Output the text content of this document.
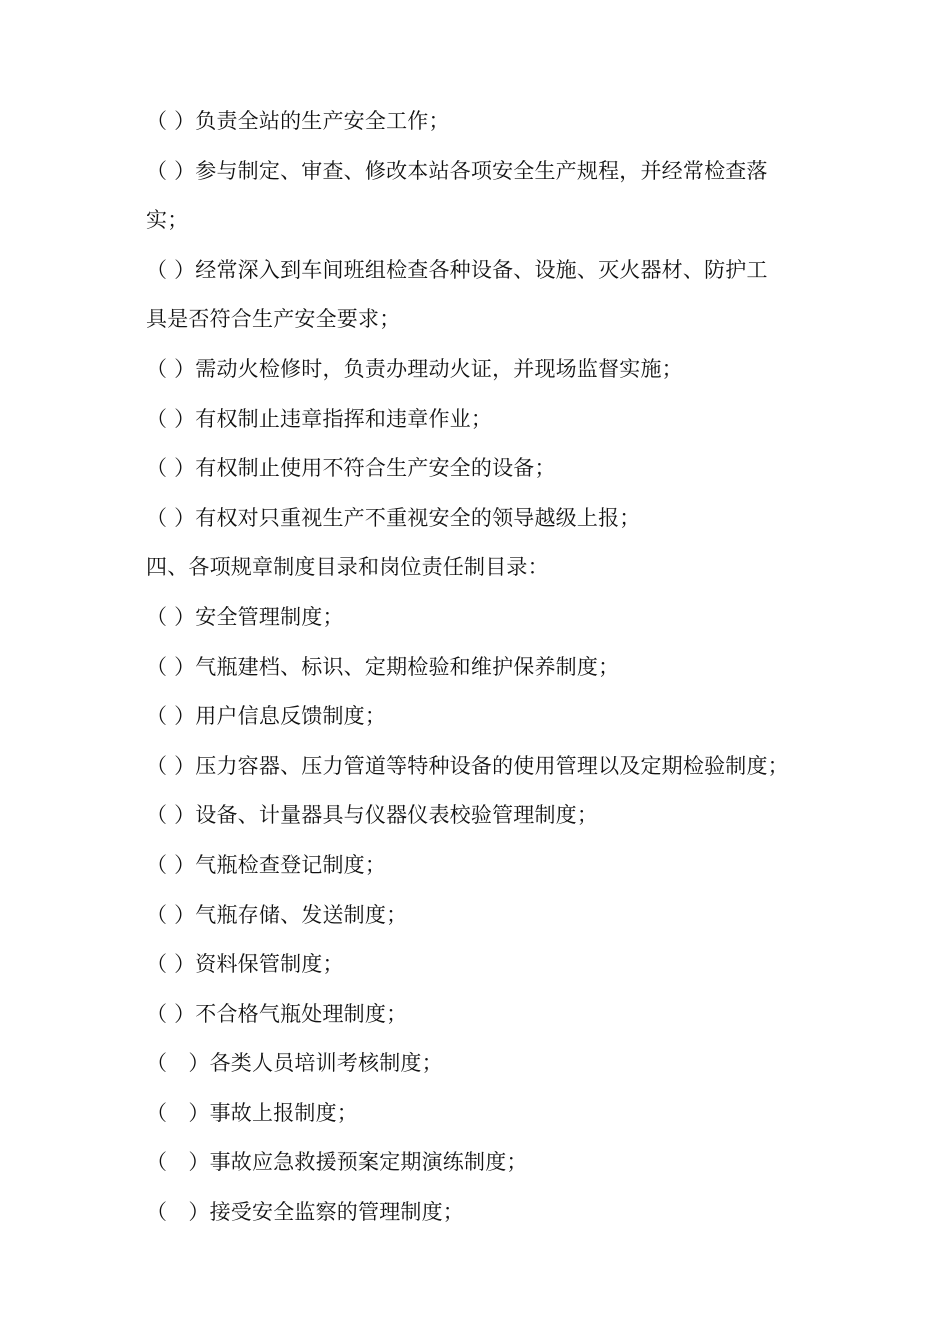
（ ）负责全站的生产安全工作；
（ ）参与制定、审查、修改本站各项安全生产规程，并经常检查落
实；
（ ）经常深入到车间班组检查各种设备、设施、灭火器材、防护工
具是否符合生产安全要求；
（ ）需动火检修时，负责办理动火证，并现场监督实施；
（ ）有权制止违章指挥和违章作业；
（ ）有权制止使用不符合生产安全的设备；
（ ）有权对只重视生产不重视安全的领导越级上报；
四、各项规章制度目录和岗位责任制目录：
（ ）安全管理制度；
（ ）气瓶建档、标识、定期检验和维护保养制度；
（ ）用户信息反馈制度；
（ ）压力容器、压力管道等特种设备的使用管理以及定期检验制度；
（ ）设备、计量器具与仪器仪表校验管理制度；
（ ）气瓶检查登记制度；
（ ）气瓶存储、发送制度；
（ ）资料保管制度；
（ ）不合格气瓶处理制度；
（　）各类人员培训考核制度；
（　）事故上报制度；
（　）事故应急救援预案定期演练制度；
（　）接受安全监察的管理制度；
